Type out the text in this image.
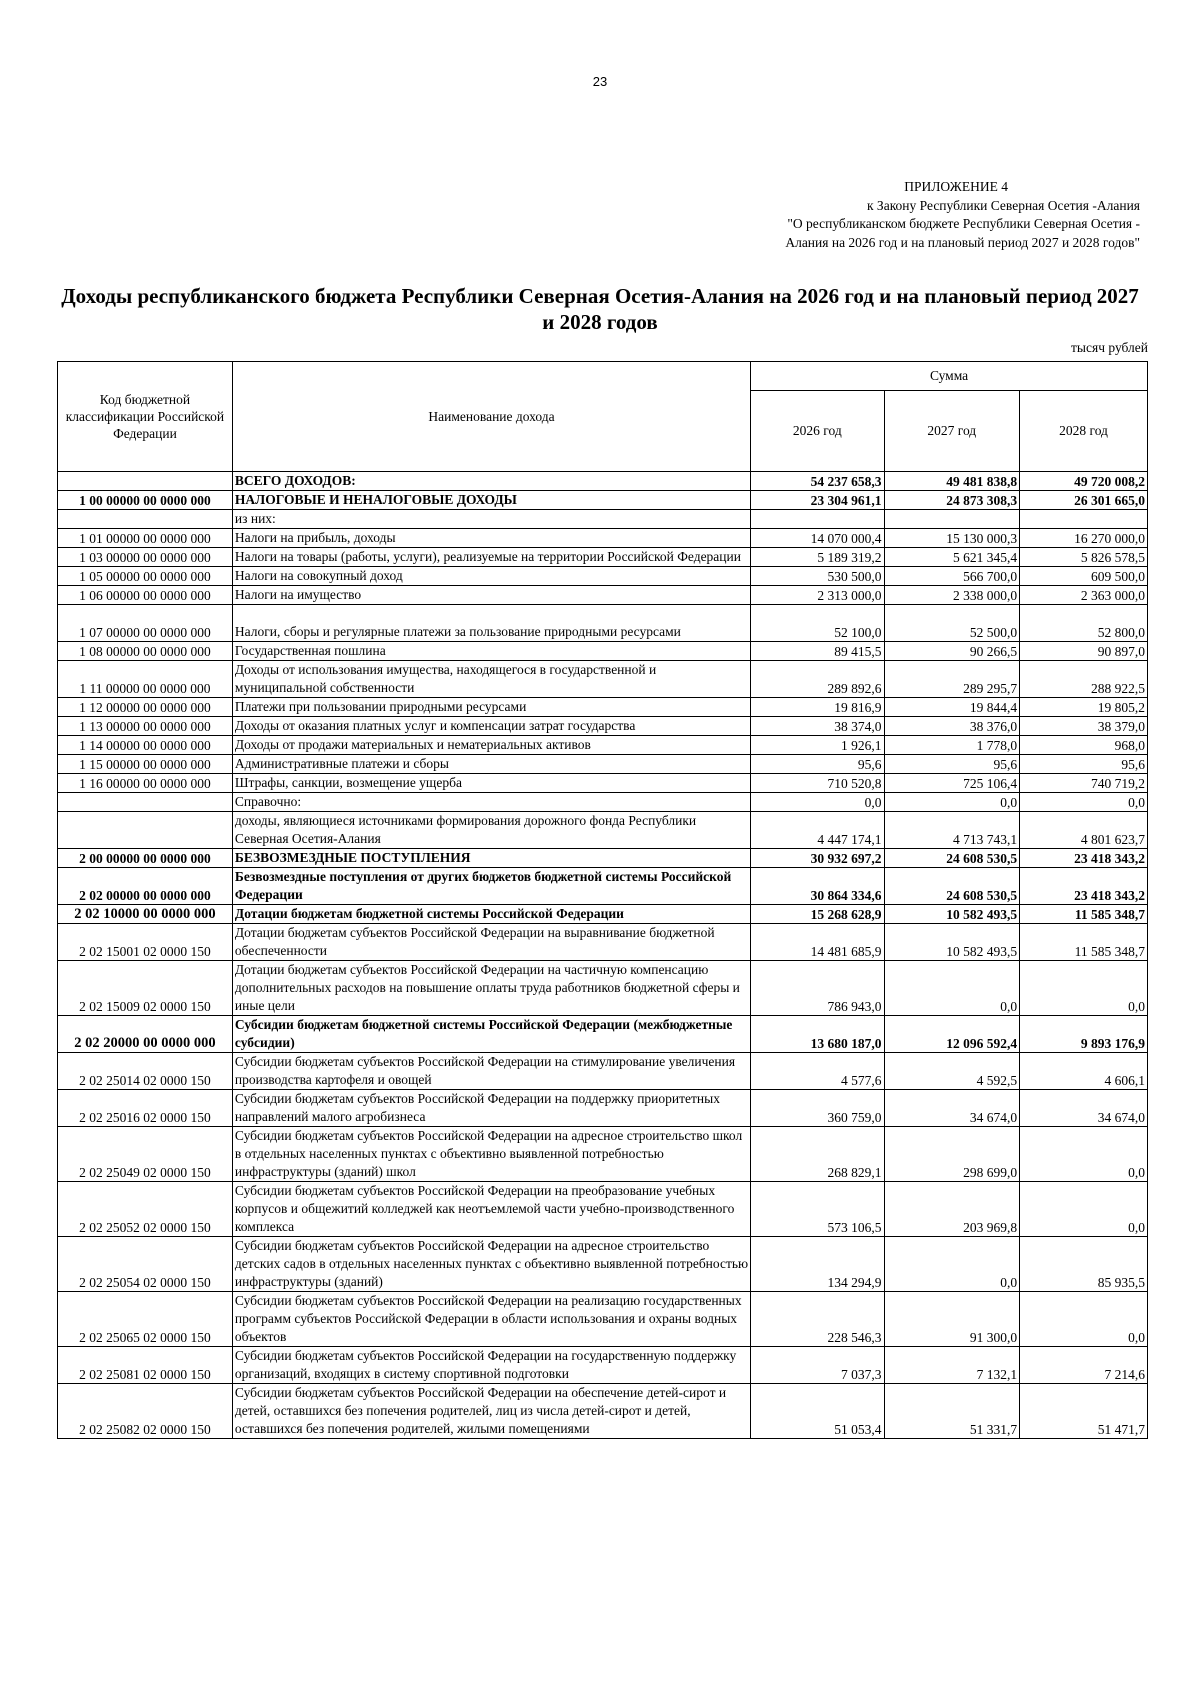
23
ПРИЛОЖЕНИЕ 4
к Закону Республики Северная Осетия -Алания
"О республиканском бюджете Республики Северная Осетия -
Алания на 2026 год и на плановый период 2027 и 2028 годов"
Доходы республиканского бюджета Республики Северная Осетия-Алания на 2026 год и на плановый период 2027 и 2028 годов
тысяч рублей
Код бюджетной классификации Российской Федерации	Наименование дохода	Сумма		
		2026 год	2027 год	2028 год
	ВСЕГО ДОХОДОВ:	54 237 658,3	49 481 838,8	49 720 008,2
1 00 00000 00 0000 000	НАЛОГОВЫЕ И НЕНАЛОГОВЫЕ ДОХОДЫ	23 304 961,1	24 873 308,3	26 301 665,0
	из них:			
1 01 00000 00 0000 000	Налоги на прибыль, доходы	14 070 000,4	15 130 000,3	16 270 000,0
1 03 00000 00 0000 000	Налоги на товары (работы, услуги), реализуемые на территории Российской Федерации	5 189 319,2	5 621 345,4	5 826 578,5
1 05 00000 00 0000 000	Налоги на совокупный доход	530 500,0	566 700,0	609 500,0
1 06 00000 00 0000 000	Налоги на имущество	2 313 000,0	2 338 000,0	2 363 000,0
1 07 00000 00 0000 000	Налоги, сборы и регулярные платежи за пользование природными ресурсами	52 100,0	52 500,0	52 800,0
1 08 00000 00 0000 000	Государственная пошлина	89 415,5	90 266,5	90 897,0
1 11 00000 00 0000 000	Доходы от использования имущества, находящегося в государственной и муниципальной собственности	289 892,6	289 295,7	288 922,5
1 12 00000 00 0000 000	Платежи при пользовании природными ресурсами	19 816,9	19 844,4	19 805,2
1 13 00000 00 0000 000	Доходы от оказания платных услуг и компенсации затрат государства	38 374,0	38 376,0	38 379,0
1 14 00000 00 0000 000	Доходы от продажи материальных и нематериальных активов	1 926,1	1 778,0	968,0
1 15 00000 00 0000 000	Административные платежи и сборы	95,6	95,6	95,6
1 16 00000 00 0000 000	Штрафы, санкции, возмещение ущерба	710 520,8	725 106,4	740 719,2
	Справочно:	0,0	0,0	0,0
	доходы, являющиеся источниками формирования дорожного фонда Республики Северная Осетия-Алания	4 447 174,1	4 713 743,1	4 801 623,7
2 00 00000 00 0000 000	БЕЗВОЗМЕЗДНЫЕ ПОСТУПЛЕНИЯ	30 932 697,2	24 608 530,5	23 418 343,2
2 02 00000 00 0000 000	Безвозмездные поступления от других бюджетов бюджетной системы Российской Федерации	30 864 334,6	24 608 530,5	23 418 343,2
2 02 10000 00 0000 000	Дотации бюджетам бюджетной системы Российской Федерации	15 268 628,9	10 582 493,5	11 585 348,7
2 02 15001 02 0000 150	Дотации бюджетам субъектов Российской Федерации на выравнивание бюджетной обеспеченности	14 481 685,9	10 582 493,5	11 585 348,7
2 02 15009 02 0000 150	Дотации бюджетам субъектов Российской Федерации на частичную компенсацию дополнительных расходов на повышение оплаты труда работников бюджетной сферы и иные цели	786 943,0	0,0	0,0
2 02 20000 00 0000 000	Субсидии бюджетам бюджетной системы Российской Федерации (межбюджетные субсидии)	13 680 187,0	12 096 592,4	9 893 176,9
2 02 25014 02 0000 150	Субсидии бюджетам субъектов Российской Федерации на стимулирование увеличения производства картофеля и овощей	4 577,6	4 592,5	4 606,1
2 02 25016 02 0000 150	Субсидии бюджетам субъектов Российской Федерации на поддержку приоритетных направлений малого агробизнеса	360 759,0	34 674,0	34 674,0
2 02 25049 02 0000 150	Субсидии бюджетам субъектов Российской Федерации на адресное строительство школ в отдельных населенных пунктах с объективно выявленной потребностью инфраструктуры (зданий) школ	268 829,1	298 699,0	0,0
2 02 25052 02 0000 150	Субсидии бюджетам субъектов Российской Федерации на преобразование учебных корпусов и общежитий колледжей как неотъемлемой части учебно-производственного комплекса	573 106,5	203 969,8	0,0
2 02 25054 02 0000 150	Субсидии бюджетам субъектов Российской Федерации на адресное строительство детских садов в отдельных населенных пунктах с объективно выявленной потребностью инфраструктуры (зданий)	134 294,9	0,0	85 935,5
2 02 25065 02 0000 150	Субсидии бюджетам субъектов Российской Федерации на реализацию государственных программ субъектов Российской Федерации в области использования и охраны водных объектов	228 546,3	91 300,0	0,0
2 02 25081 02 0000 150	Субсидии бюджетам субъектов Российской Федерации на государственную поддержку организаций, входящих в систему спортивной подготовки	7 037,3	7 132,1	7 214,6
2 02 25082 02 0000 150	Субсидии бюджетам субъектов Российской Федерации на обеспечение детей-сирот и детей, оставшихся без попечения родителей, лиц из числа детей-сирот и детей, оставшихся без попечения родителей, жилыми помещениями	51 053,4	51 331,7	51 471,7
